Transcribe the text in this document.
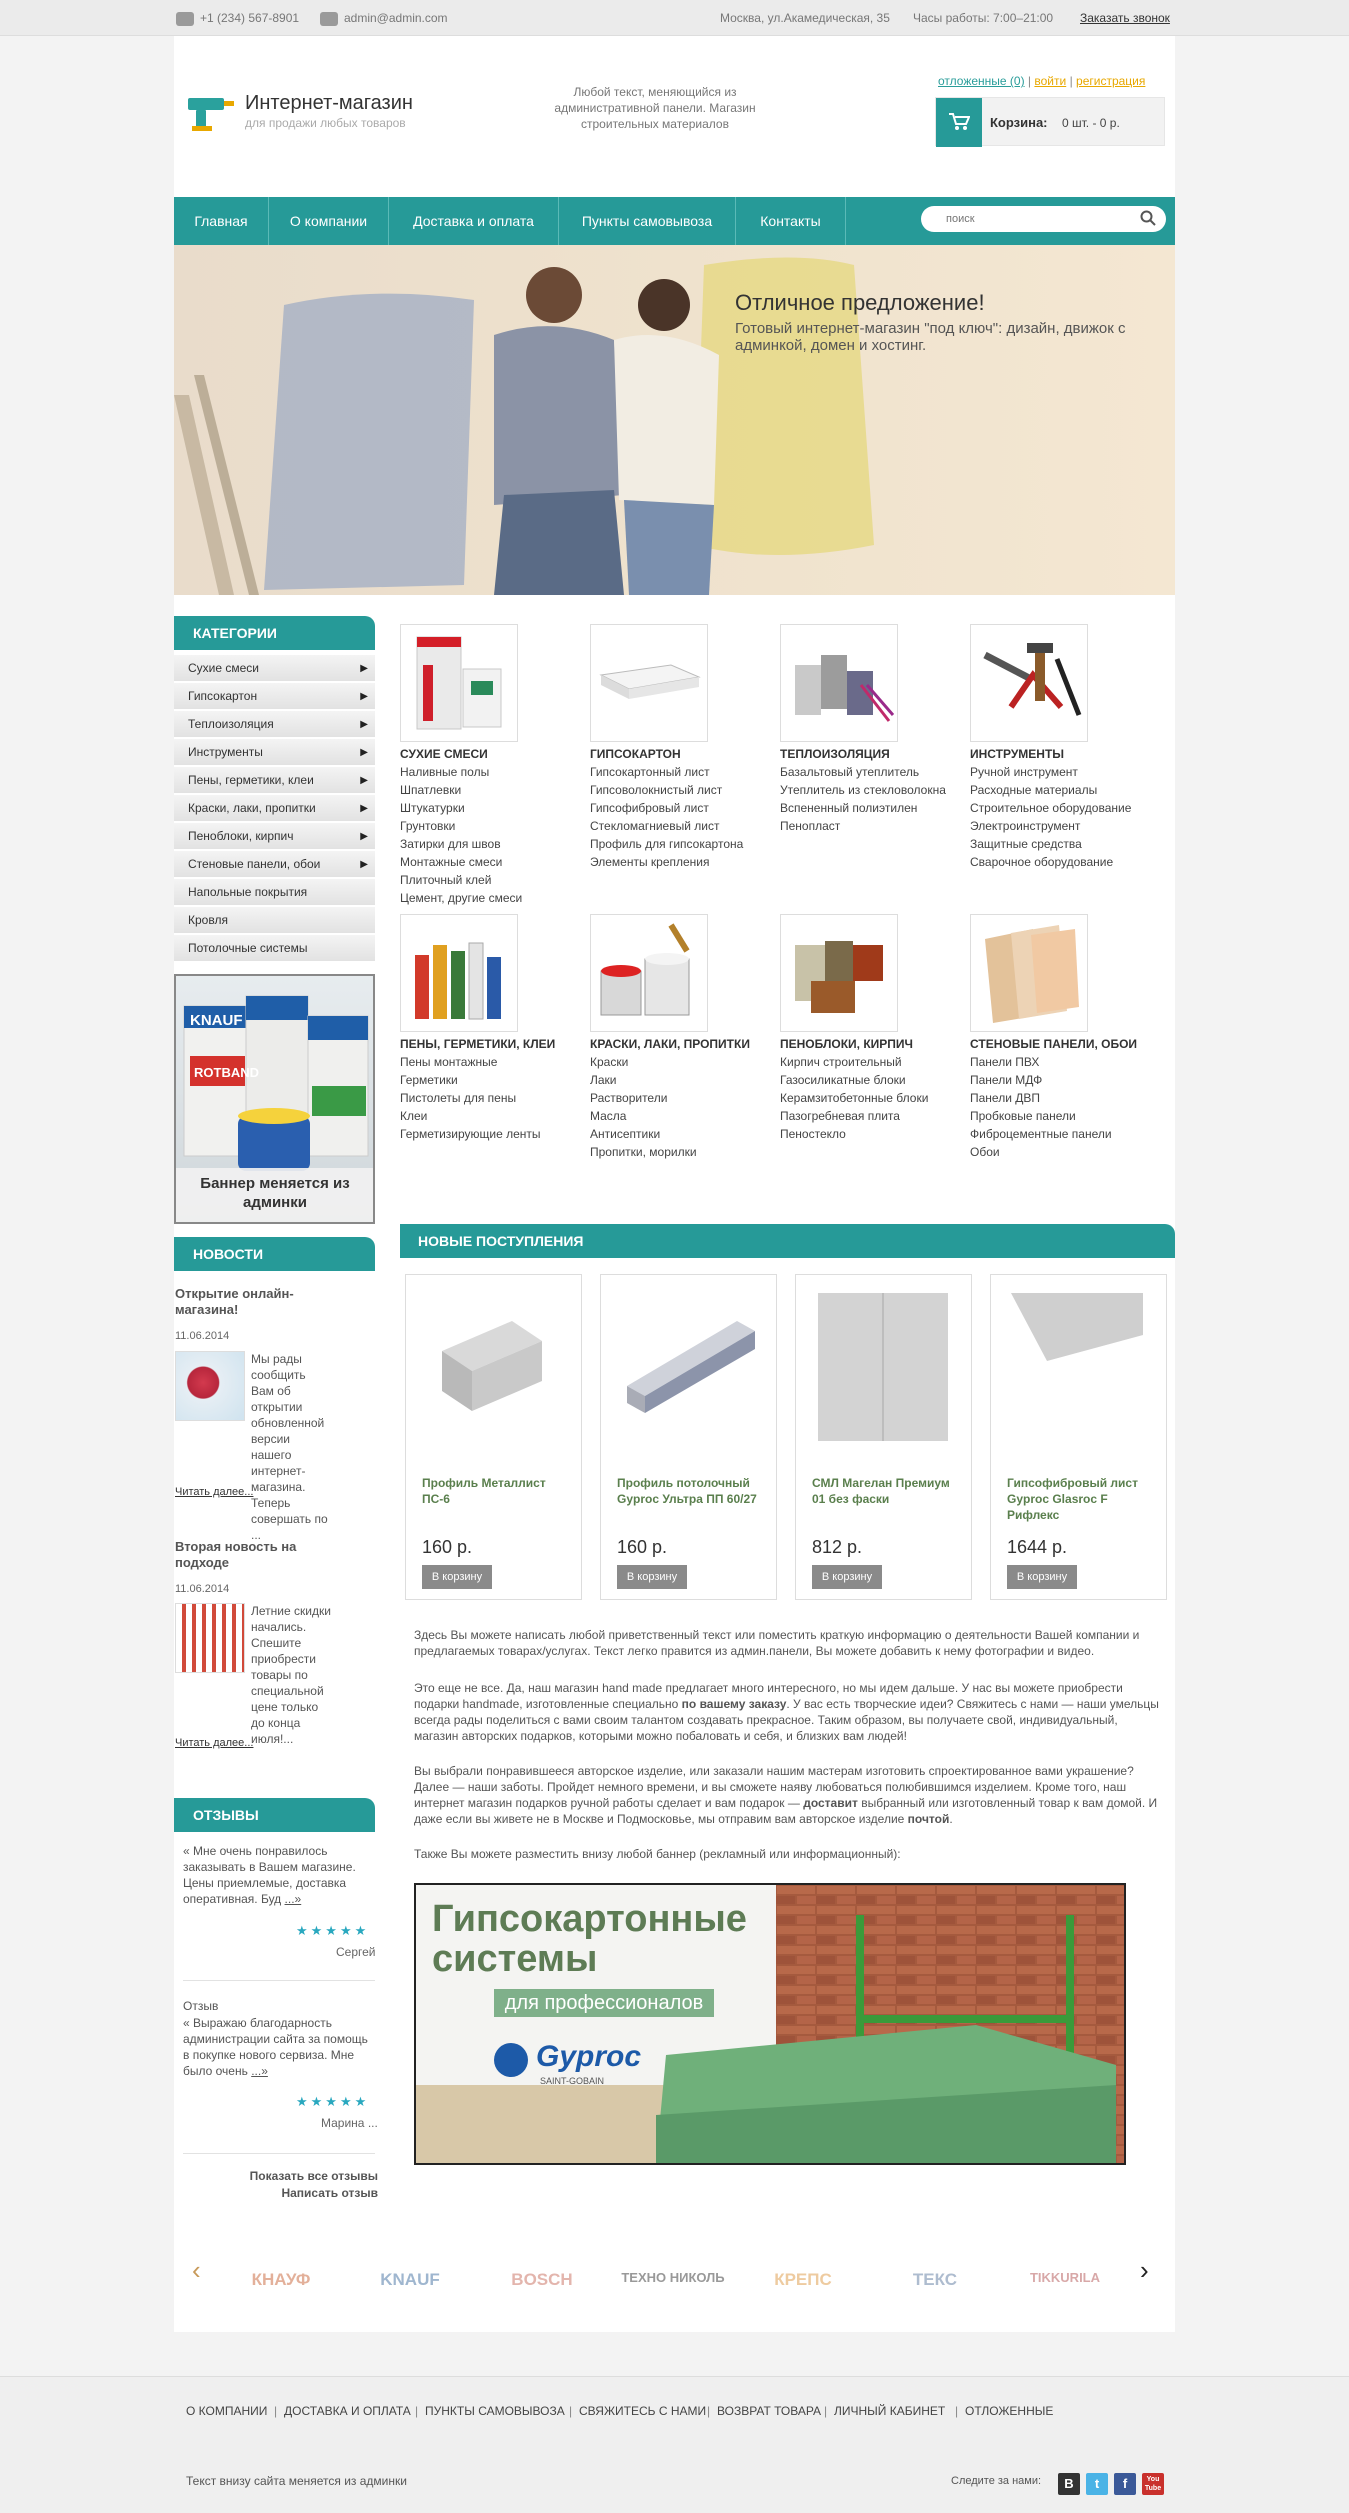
+1 (234) 567-8901	admin@admin.com	Москва, ул.Акамедическая, 35 Часы работы: 7:00–21:00 Заказать звонок
Интернет-магазин
для продажи любых товаров
Любой текст, меняющийся из административной панели. Магазин строительных материалов
отложенные (0) | войти | регистрация
Корзина: 0 шт. - 0 р.
Главная	О компании	Доставка и оплата	Пункты самовывоза	Контакты
поиск
Отличное предложение!
Готовый интернет-магазин "под ключ": дизайн, движок с админкой, домен и хостинг.
КАТЕГОРИИ
Сухие смеси	▶
Гипсокартон	▶
Теплоизоляция	▶
Инструменты	▶
Пены, герметики, клеи	▶
Краски, лаки, пропитки	▶
Пеноблоки, кирпич	▶
Стеновые панели, обои	▶
Напольные покрытия
Кровля
Потолочные системы
KNAUF
ROTBAND
Баннер меняется из админки
НОВОСТИ
Открытие онлайн-магазина!
11.06.2014
Мы рады сообщить Вам об открытии обновленной версии нашего интернет-магазина. Теперь совершать по ...
Читать далее...
Вторая новость на подходе
11.06.2014
Летние скидки начались. Спешите приобрести товары по специальной цене только до конца июля!...
Читать далее...
ОТЗЫВЫ
« Мне очень понравилось заказывать в Вашем магазине. Цены приемлемые, доставка оперативная. Буд ...»
★★★★★
Сергей
Отзыв
« Выражаю благодарность администрации сайта за помощь в покупке нового сервиза. Мне было очень ...»
★★★★★
Марина ...
Показать все отзывы
Написать отзыв
СУХИЕ СМЕСИ
Наливные полы
Шпатлевки
Штукатурки
Грунтовки
Затирки для швов
Монтажные смеси
Плиточный клей
Цемент, другие смеси
ГИПСОКАРТОН
Гипсокартонный лист
Гипсоволокнистый лист
Гипсофибровый лист
Стекломагниевый лист
Профиль для гипсокартона
Элементы крепления
ТЕПЛОИЗОЛЯЦИЯ
Базальтовый утеплитель
Утеплитель из стекловолокна
Вспененный полиэтилен
Пенопласт
ИНСТРУМЕНТЫ
Ручной инструмент
Расходные материалы
Строительное оборудование
Электроинструмент
Защитные средства
Сварочное оборудование
ПЕНЫ, ГЕРМЕТИКИ, КЛЕИ
Пены монтажные
Герметики
Пистолеты для пены
Клеи
Герметизирующие ленты
КРАСКИ, ЛАКИ, ПРОПИТКИ
Краски
Лаки
Растворители
Масла
Антисептики
Пропитки, морилки
ПЕНОБЛОКИ, КИРПИЧ
Кирпич строительный
Газосиликатные блоки
Керамзитобетонные блоки
Пазогребневая плита
Пеностекло
СТЕНОВЫЕ ПАНЕЛИ, ОБОИ
Панели ПВХ
Панели МДФ
Панели ДВП
Пробковые панели
Фиброцементные панели
Обои
НОВЫЕ ПОСТУПЛЕНИЯ
Профиль Металлист ПС-6
160 р.
В корзину
Профиль потолочный Gyproc Ультра ПП 60/27
160 р.
В корзину
СМЛ Магелан Премиум 01 без фаски
812 р.
В корзину
Гипсофибровый лист Gyproc Glasroc F Рифлекс
1644 р.
В корзину
Здесь Вы можете написать любой приветственный текст или поместить краткую информацию о деятельности Вашей компании и предлагаемых товарах/услугах. Текст легко правится из админ.панели, Вы можете добавить к нему фотографии и видео.
Это еще не все. Да, наш магазин hand made предлагает много интересного, но мы идем дальше. У нас вы можете приобрести подарки handmade, изготовленные специально по вашему заказу. У вас есть творческие идеи? Свяжитесь с нами — наши умельцы всегда рады поделиться с вами своим талантом создавать прекрасное. Таким образом, вы получаете свой, индивидуальный, магазин авторских подарков, которыми можно побаловать и себя, и близких вам людей!
Вы выбрали понравившееся авторское изделие, или заказали нашим мастерам изготовить спроектированное вами украшение? Далее — наши заботы. Пройдет немного времени, и вы сможете наяву любоваться полюбившимся изделием. Кроме того, наш интернет магазин подарков ручной работы сделает и вам подарок — доставит выбранный или изготовленный товар к вам домой. И даже если вы живете не в Москве и Подмосковье, мы отправим вам авторское изделие почтой.
Также Вы можете разместить внизу любой баннер (рекламный или информационный):
Гипсокартонные
системы
для профессионалов
Gyproc
SAINT-GOBAIN
‹	КНАУФ	KNAUF	BOSCH	ТЕХНО НИКОЛЬ	КРЕПС	ТЕКС	TIKKURILA	›
О КОМПАНИИ | ДОСТАВКА И ОПЛАТА | ПУНКТЫ САМОВЫВОЗА | СВЯЖИТЕСЬ С НАМИ | ВОЗВРАТ ТОВАРА | ЛИЧНЫЙ КАБИНЕТ | ОТЛОЖЕННЫЕ
Текст внизу сайта меняется из админки	Следите за нами:	B	t	f	You Tube
